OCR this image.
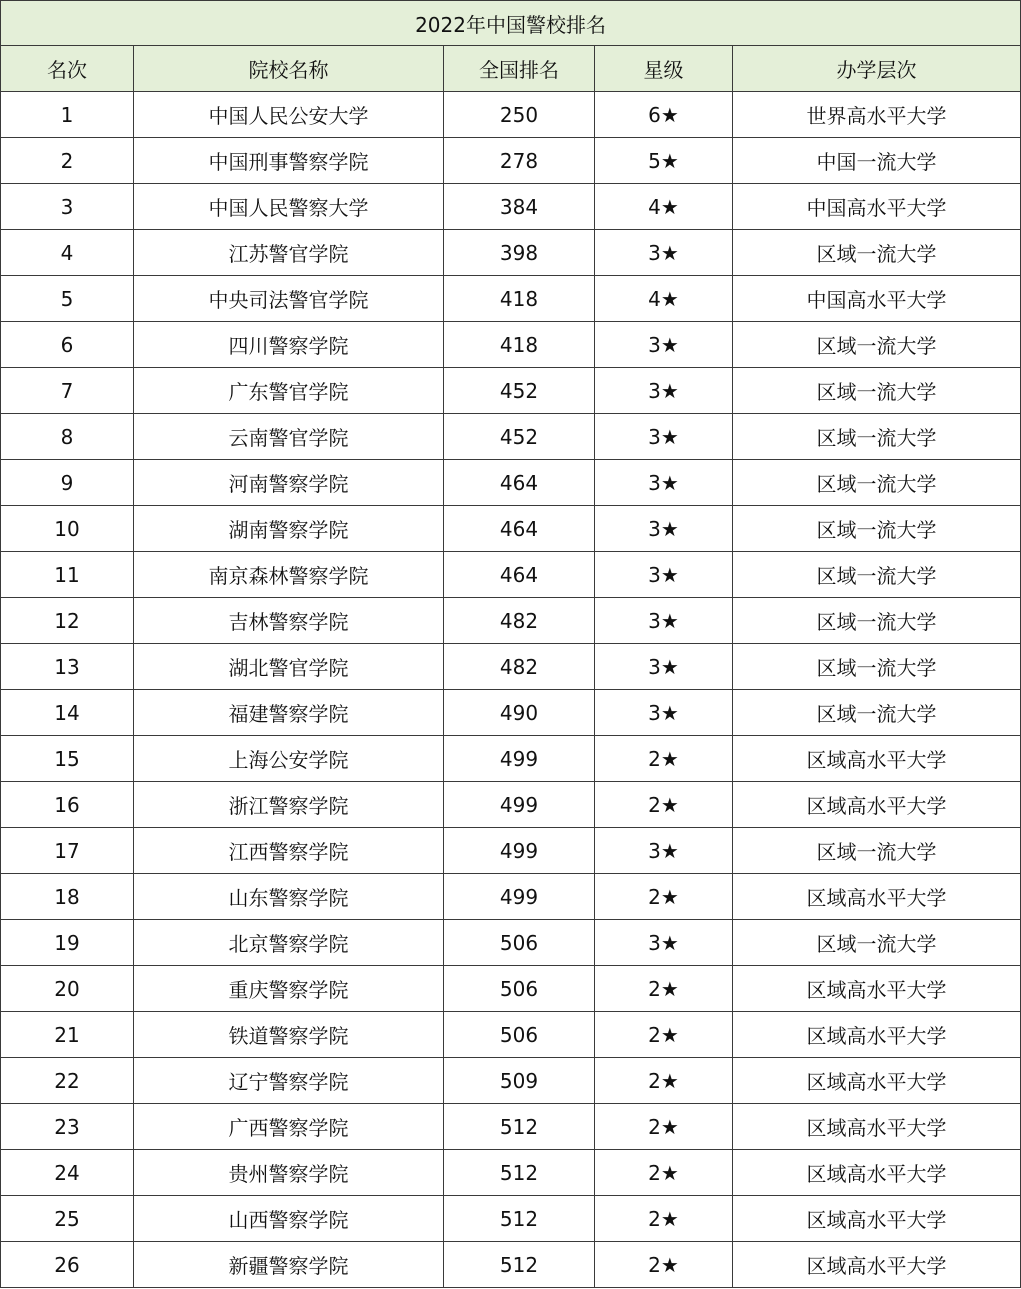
2022年中国警校排名				
名次	院校名称	全国排名	星级	办学层次
1	中国人民公安大学	250	6★	世界高水平大学
2	中国刑事警察学院	278	5★	中国一流大学
3	中国人民警察大学	384	4★	中国高水平大学
4	江苏警官学院	398	3★	区域一流大学
5	中央司法警官学院	418	4★	中国高水平大学
6	四川警察学院	418	3★	区域一流大学
7	广东警官学院	452	3★	区域一流大学
8	云南警官学院	452	3★	区域一流大学
9	河南警察学院	464	3★	区域一流大学
10	湖南警察学院	464	3★	区域一流大学
11	南京森林警察学院	464	3★	区域一流大学
12	吉林警察学院	482	3★	区域一流大学
13	湖北警官学院	482	3★	区域一流大学
14	福建警察学院	490	3★	区域一流大学
15	上海公安学院	499	2★	区域高水平大学
16	浙江警察学院	499	2★	区域高水平大学
17	江西警察学院	499	3★	区域一流大学
18	山东警察学院	499	2★	区域高水平大学
19	北京警察学院	506	3★	区域一流大学
20	重庆警察学院	506	2★	区域高水平大学
21	铁道警察学院	506	2★	区域高水平大学
22	辽宁警察学院	509	2★	区域高水平大学
23	广西警察学院	512	2★	区域高水平大学
24	贵州警察学院	512	2★	区域高水平大学
25	山西警察学院	512	2★	区域高水平大学
26	新疆警察学院	512	2★	区域高水平大学
